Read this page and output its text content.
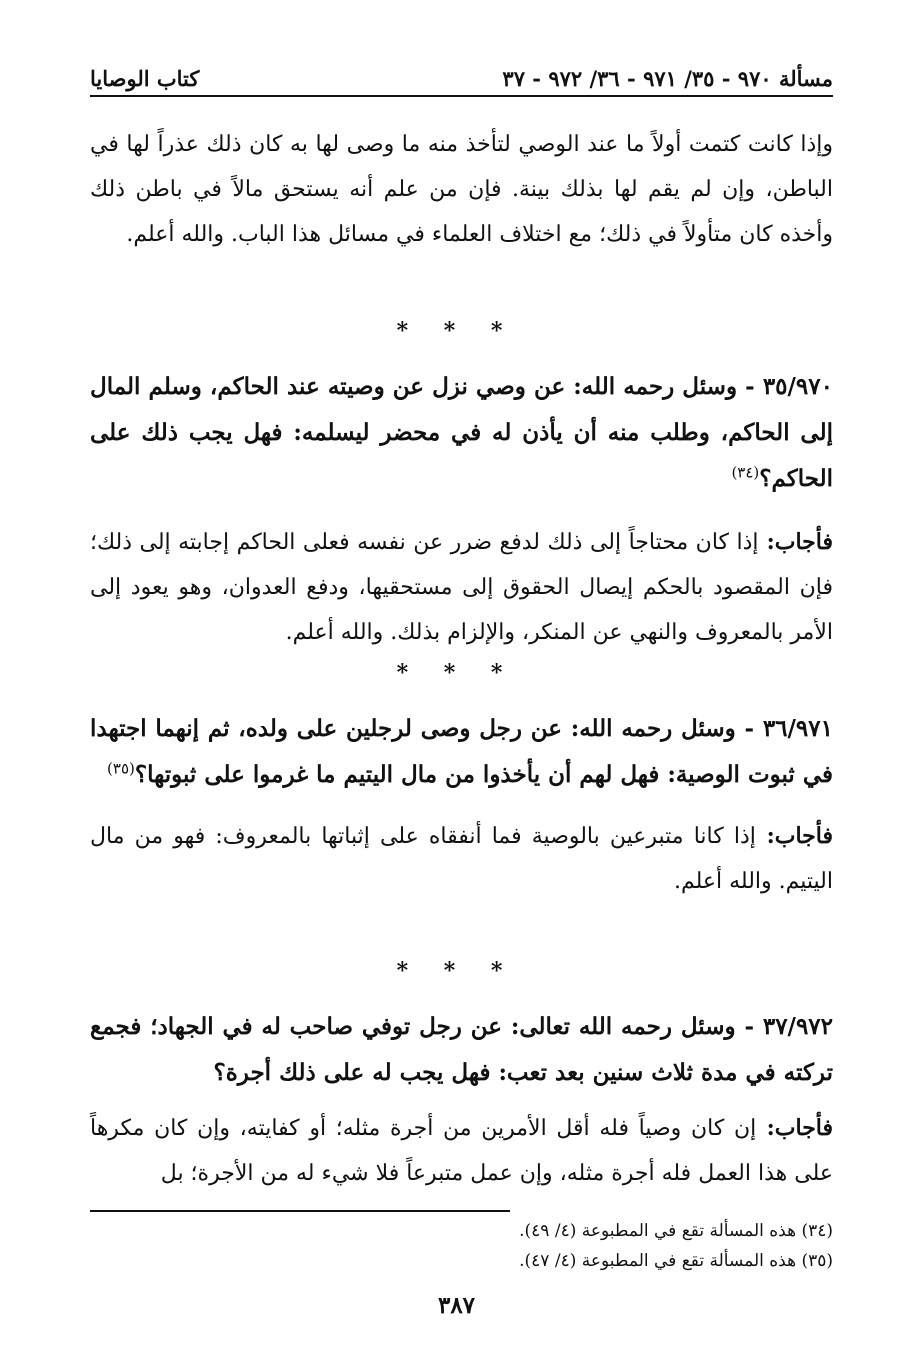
مسألة ٩٧٠ - ٣٥/ ٩٧١ - ٣٦/ ٩٧٢ - ٣٧
كتاب الوصايا

وإذا كانت كتمت أولاً ما عند الوصي لتأخذ منه ما وصى لها به كان ذلك عذراً لها في الباطن، وإن لم يقم لها بذلك بينة. فإن من علم أنه يستحق مالاً في باطن ذلك وأخذه كان متأولاً في ذلك؛ مع اختلاف العلماء في مسائل هذا الباب. والله أعلم.

* * *

٣٥/٩٧٠ - وسئل رحمه الله: عن وصي نزل عن وصيته عند الحاكم، وسلم المال إلى الحاكم، وطلب منه أن يأذن له في محضر ليسلمه: فهل يجب ذلك على الحاكم؟$^{(٣٤)}$

فأجاب: إذا كان محتاجاً إلى ذلك لدفع ضرر عن نفسه فعلى الحاكم إجابته إلى ذلك؛ فإن المقصود بالحكم إيصال الحقوق إلى مستحقيها، ودفع العدوان، وهو يعود إلى الأمر بالمعروف والنهي عن المنكر، والإلزام بذلك. والله أعلم.

* * *

٣٦/٩٧١ - وسئل رحمه الله: عن رجل وصى لرجلين على ولده، ثم إنهما اجتهدا في ثبوت الوصية: فهل لهم أن يأخذوا من مال اليتيم ما غرموا على ثبوتها؟$^{(٣٥)}$

فأجاب: إذا كانا متبرعين بالوصية فما أنفقاه على إثباتها بالمعروف: فهو من مال اليتيم. والله أعلم.

* * *

٣٧/٩٧٢ - وسئل رحمه الله تعالى: عن رجل توفي صاحب له في الجهاد؛ فجمع تركته في مدة ثلاث سنين بعد تعب: فهل يجب له على ذلك أجرة؟

فأجاب: إن كان وصياً فله أقل الأمرين من أجرة مثله؛ أو كفايته، وإن كان مكرهاً على هذا العمل فله أجرة مثله، وإن عمل متبرعاً فلا شيء له من الأجرة؛ بل

(٣٤) هذه المسألة تقع في المطبوعة (٤/ ٤٩).
(٣٥) هذه المسألة تقع في المطبوعة (٤/ ٤٧).
٣٨٧
